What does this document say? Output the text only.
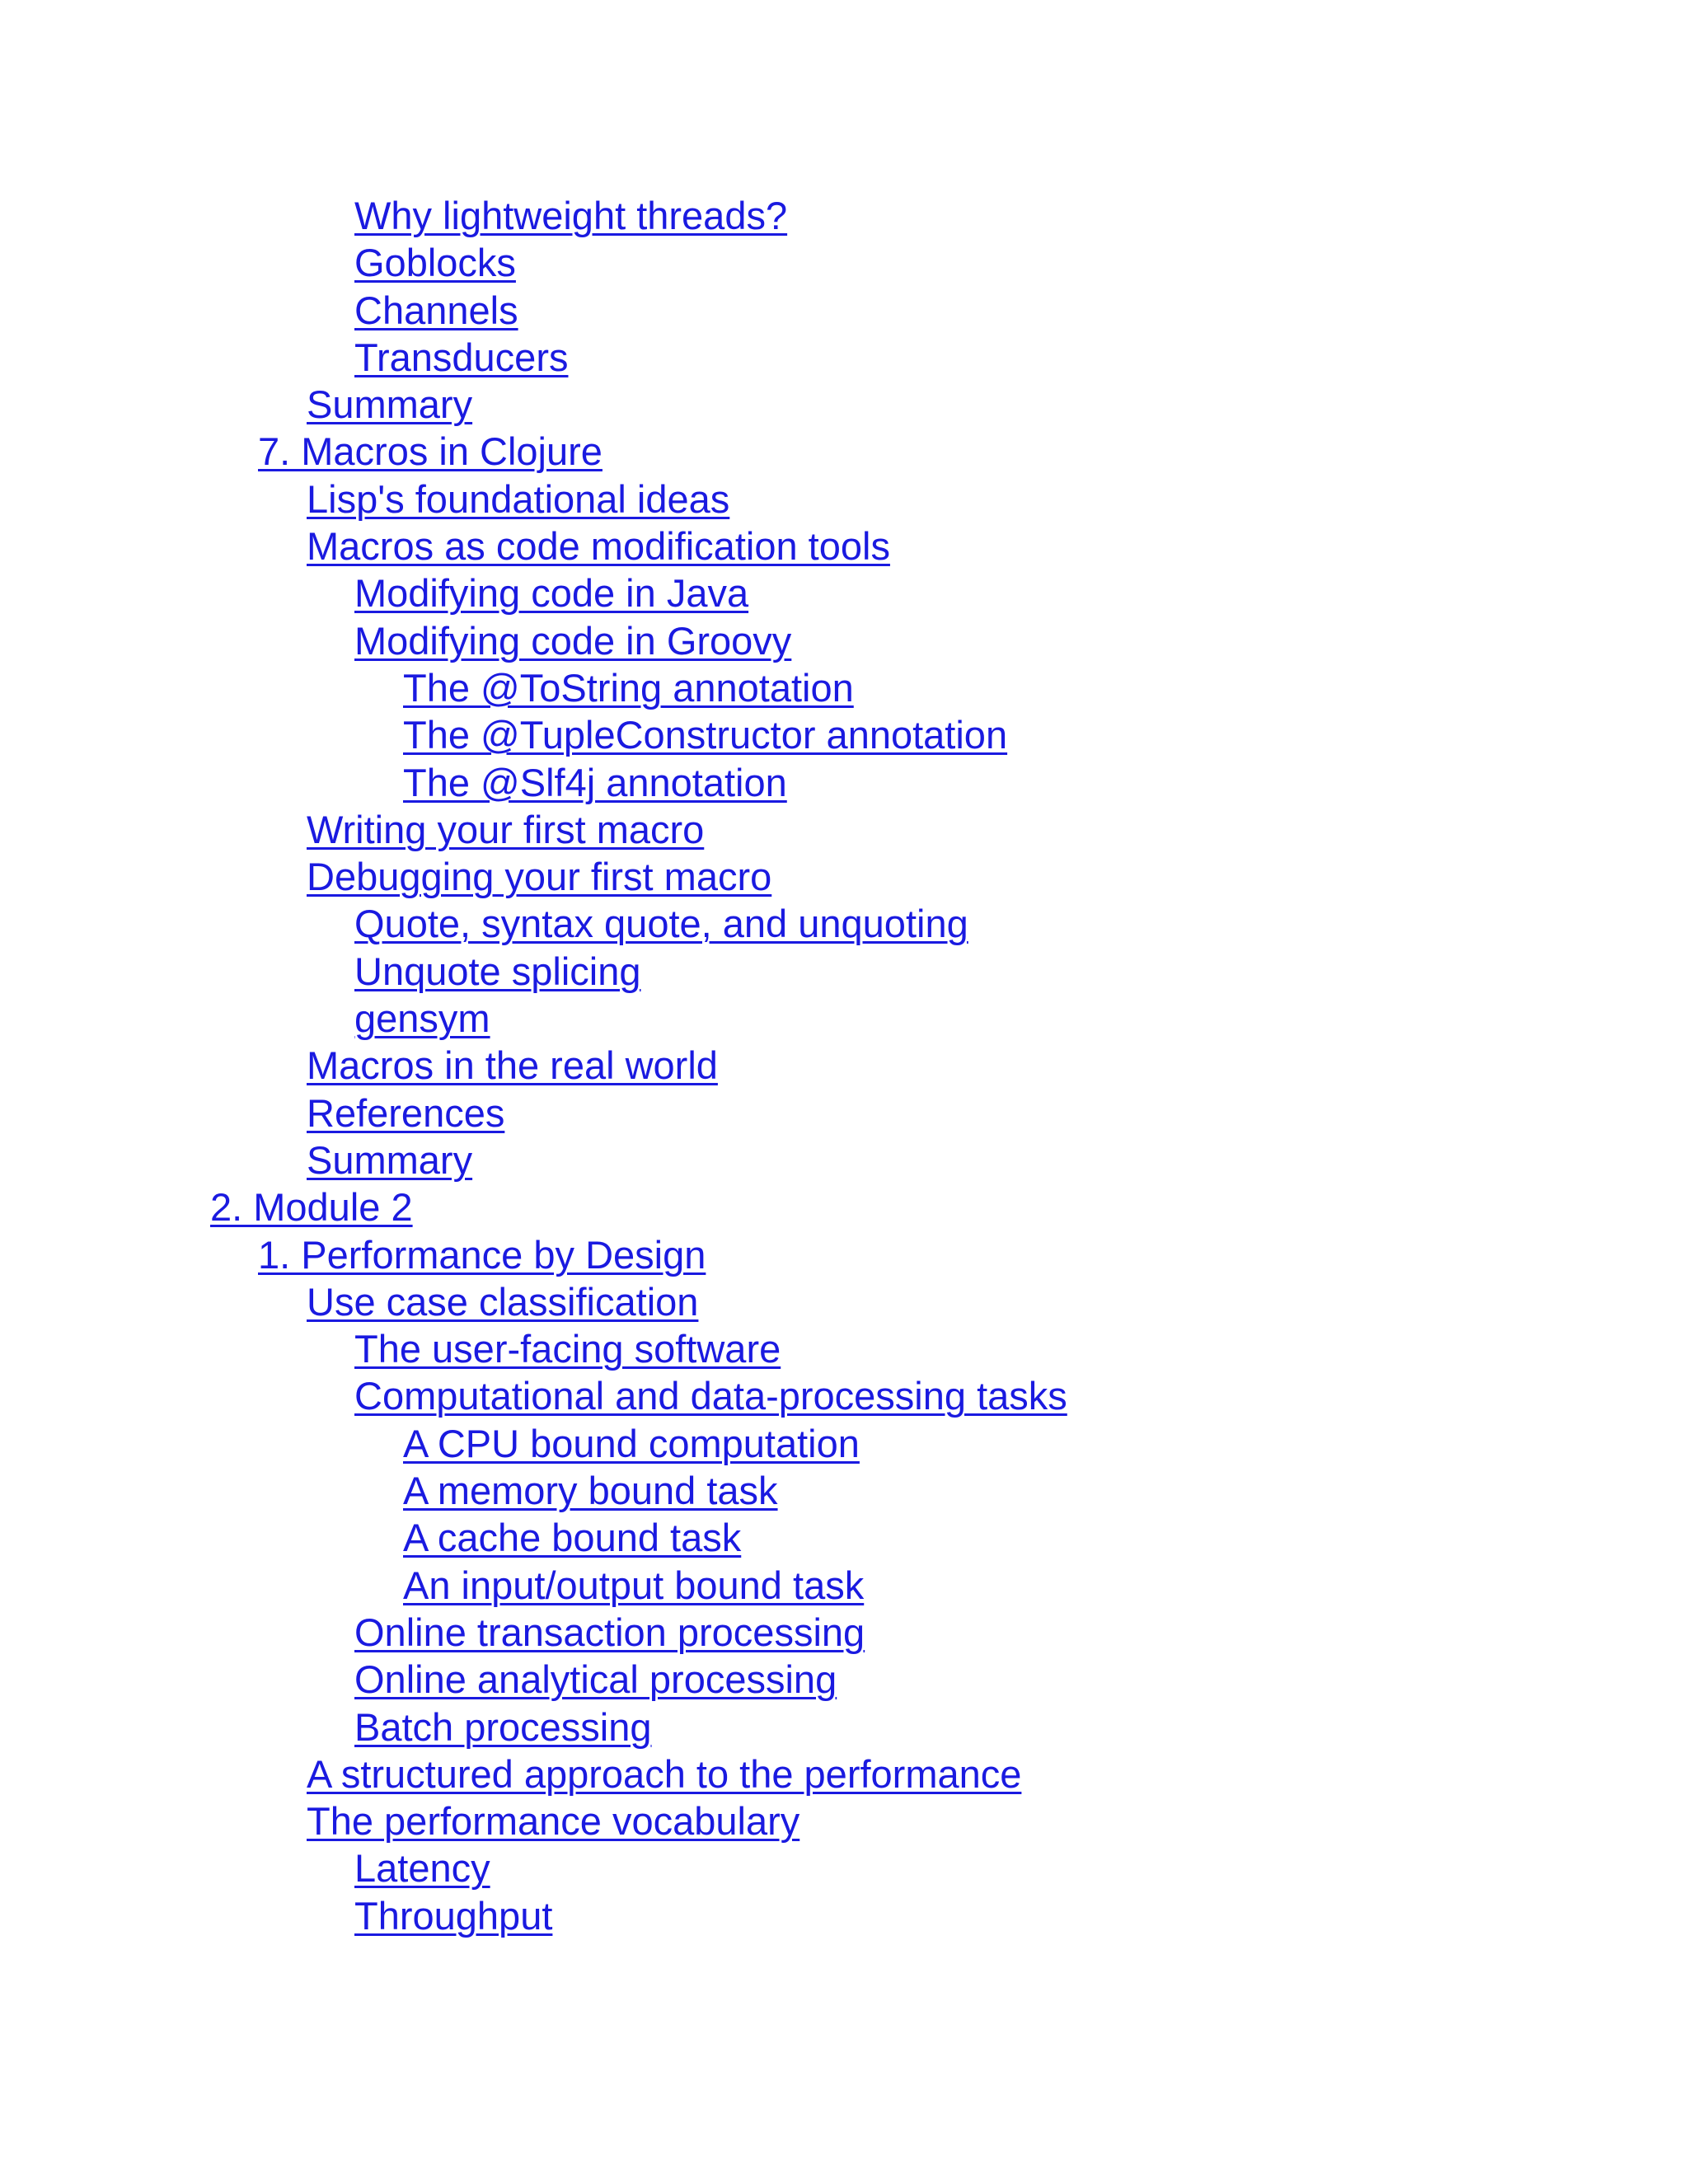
Why lightweight threads?
Goblocks
Channels
Transducers
Summary
7. Macros in Clojure
Lisp's foundational ideas
Macros as code modification tools
Modifying code in Java
Modifying code in Groovy
The @ToString annotation
The @TupleConstructor annotation
The @Slf4j annotation
Writing your first macro
Debugging your first macro
Quote, syntax quote, and unquoting
Unquote splicing
gensym
Macros in the real world
References
Summary
2. Module 2
1. Performance by Design
Use case classification
The user-facing software
Computational and data-processing tasks
A CPU bound computation
A memory bound task
A cache bound task
An input/output bound task
Online transaction processing
Online analytical processing
Batch processing
A structured approach to the performance
The performance vocabulary
Latency
Throughput
